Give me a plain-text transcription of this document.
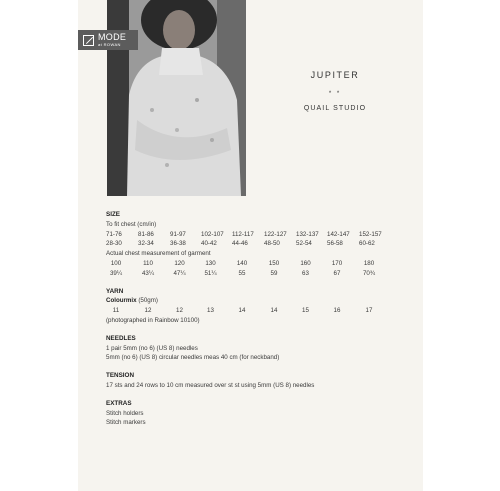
MODE
at ROWAN
JUPITER
* *
QUAIL STUDIO
SIZE
To fit chest (cm/in)
71-76	81-86	91-97	102-107	112-117	122-127	132-137	142-147	152-157
28-30	32-34	36-38	40-42	44-46	48-50	52-54	56-58	60-62
Actual chest measurement of garment
100	110	120	130	140	150	160	170	180
39¼	43¼	47¼	51¼	55	59	63	67	70¾
YARN
Colourmix (50gm)
11	12	12	13	14	14	15	16	17
(photographed in Rainbow 10100)
NEEDLES
1 pair 5mm (no 6) (US 8) needles
5mm (no 6) (US 8) circular needles meas 40 cm (for neckband)
TENSION
17 sts and 24 rows to 10 cm measured over st st using 5mm (US 8) needles
EXTRAS
Stitch holders
Stitch markers
